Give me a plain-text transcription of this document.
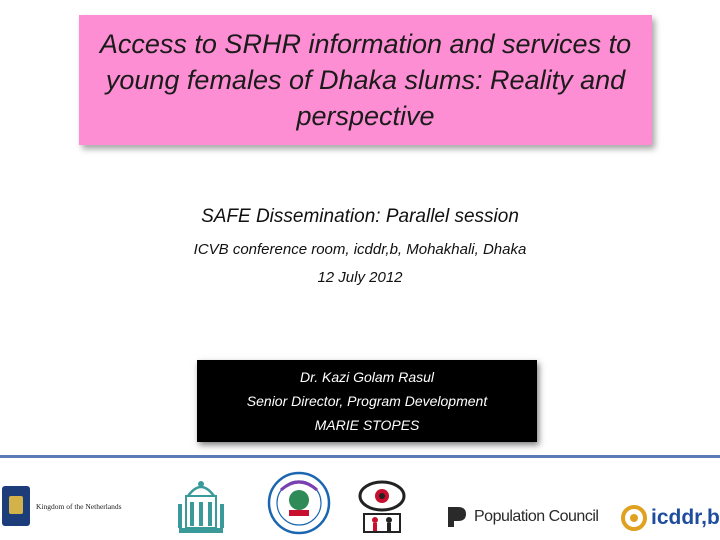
Access to SRHR information and services to young females of Dhaka slums: Reality and perspective
SAFE Dissemination: Parallel session
ICVB conference room, icddr,b, Mohakhali, Dhaka
12 July 2012
Dr. Kazi Golam Rasul
Senior Director, Program Development
MARIE STOPES
Kingdom of the Netherlands
Population Council	icddr,b
